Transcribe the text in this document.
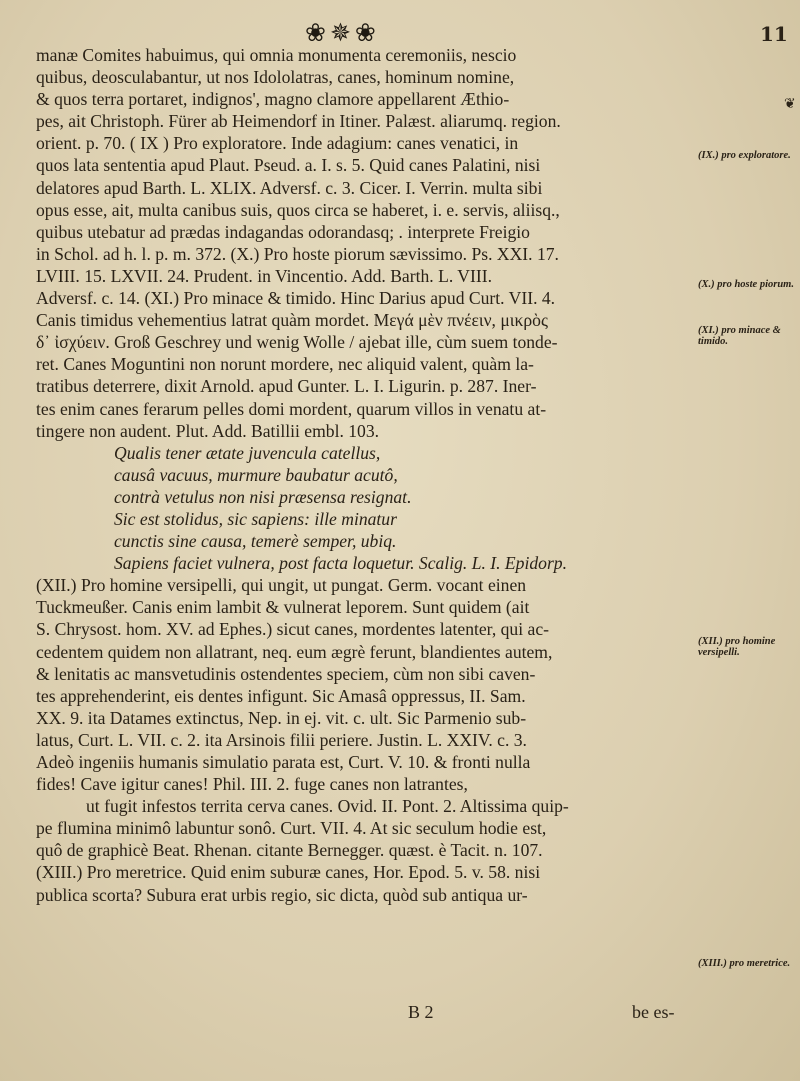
❀✵❀	11
❦
manæ Comites habuimus, qui omnia monumenta ceremoniis, nescio
quibus, deosculabantur, ut nos Idololatras, canes, hominum nomine,
& quos terra portaret, indignos', magno clamore appellarent Æthio-
pes, ait Christoph. Fürer ab Heimendorf in Itiner. Palæst. aliarumq. region.
orient. p. 70. ( IX ) Pro exploratore. Inde adagium: canes venatici, in
quos lata sententia apud Plaut. Pseud. a. I. s. 5. Quid canes Palatini, nisi
delatores apud Barth. L. XLIX. Adversf. c. 3. Cicer. I. Verrin. multa sibi
opus esse, ait, multa canibus suis, quos circa se haberet, i. e. servis, aliisq.,
quibus utebatur ad prædas indagandas odorandasq; . interprete Freigio
in Schol. ad h. l. p. m. 372. (X.) Pro hoste piorum sævissimo. Ps. XXI. 17.
LVIII. 15. LXVII. 24. Prudent. in Vincentio. Add. Barth. L. VIII.
Adversf. c. 14. (XI.) Pro minace & timido. Hinc Darius apud Curt. VII. 4.
Canis timidus vehementius latrat quàm mordet. Μεγά μὲν πνέειν, μικρὸς
δ᾽ ἰσχύειν. Groß Geschrey und wenig Wolle / ajebat ille, cùm suem tonde-
ret. Canes Moguntini non norunt mordere, nec aliquid valent, quàm la-
tratibus deterrere, dixit Arnold. apud Gunter. L. I. Ligurin. p. 287. Iner-
tes enim canes ferarum pelles domi mordent, quarum villos in venatu at-
tingere non audent. Plut. Add. Batillii embl. 103.
Qualis tener ætate juvencula catellus,
causâ vacuus, murmure baubatur acutô,
contrà vetulus non nisi præsensa resignat.
Sic est stolidus, sic sapiens: ille minatur
cunctis sine causa, temerè semper, ubiq.
Sapiens faciet vulnera, post facta loquetur. Scalig. L. I. Epidorp.
(XII.) Pro homine versipelli, qui ungit, ut pungat. Germ. vocant einen
Tuckmeußer. Canis enim lambit & vulnerat leporem. Sunt quidem (ait
S. Chrysost. hom. XV. ad Ephes.) sicut canes, mordentes latenter, qui ac-
cedentem quidem non allatrant, neq. eum ægrè ferunt, blandientes autem,
& lenitatis ac mansvetudinis ostendentes speciem, cùm non sibi caven-
tes apprehenderint, eis dentes infigunt. Sic Amasâ oppressus, II. Sam.
XX. 9. ita Datames extinctus, Nep. in ej. vit. c. ult. Sic Parmenio sub-
latus, Curt. L. VII. c. 2. ita Arsinois filii periere. Justin. L. XXIV. c. 3.
Adeò ingeniis humanis simulatio parata est, Curt. V. 10. & fronti nulla
fides! Cave igitur canes! Phil. III. 2. fuge canes non latrantes,
ut fugit infestos territa cerva canes. Ovid. II. Pont. 2. Altissima quip-
pe flumina minimô labuntur sonô. Curt. VII. 4. At sic seculum hodie est,
quô de graphicè Beat. Rhenan. citante Bernegger. quæst. è Tacit. n. 107.
(XIII.) Pro meretrice. Quid enim suburæ canes, Hor. Epod. 5. v. 58. nisi
publica scorta? Subura erat urbis regio, sic dicta, quòd sub antiqua ur-
(IX.) pro exploratore.
(X.) pro hoste piorum.
(XI.) pro minace & timido.
(XII.) pro homine versipelli.
(XIII.) pro meretrice.
B 2	be es-
